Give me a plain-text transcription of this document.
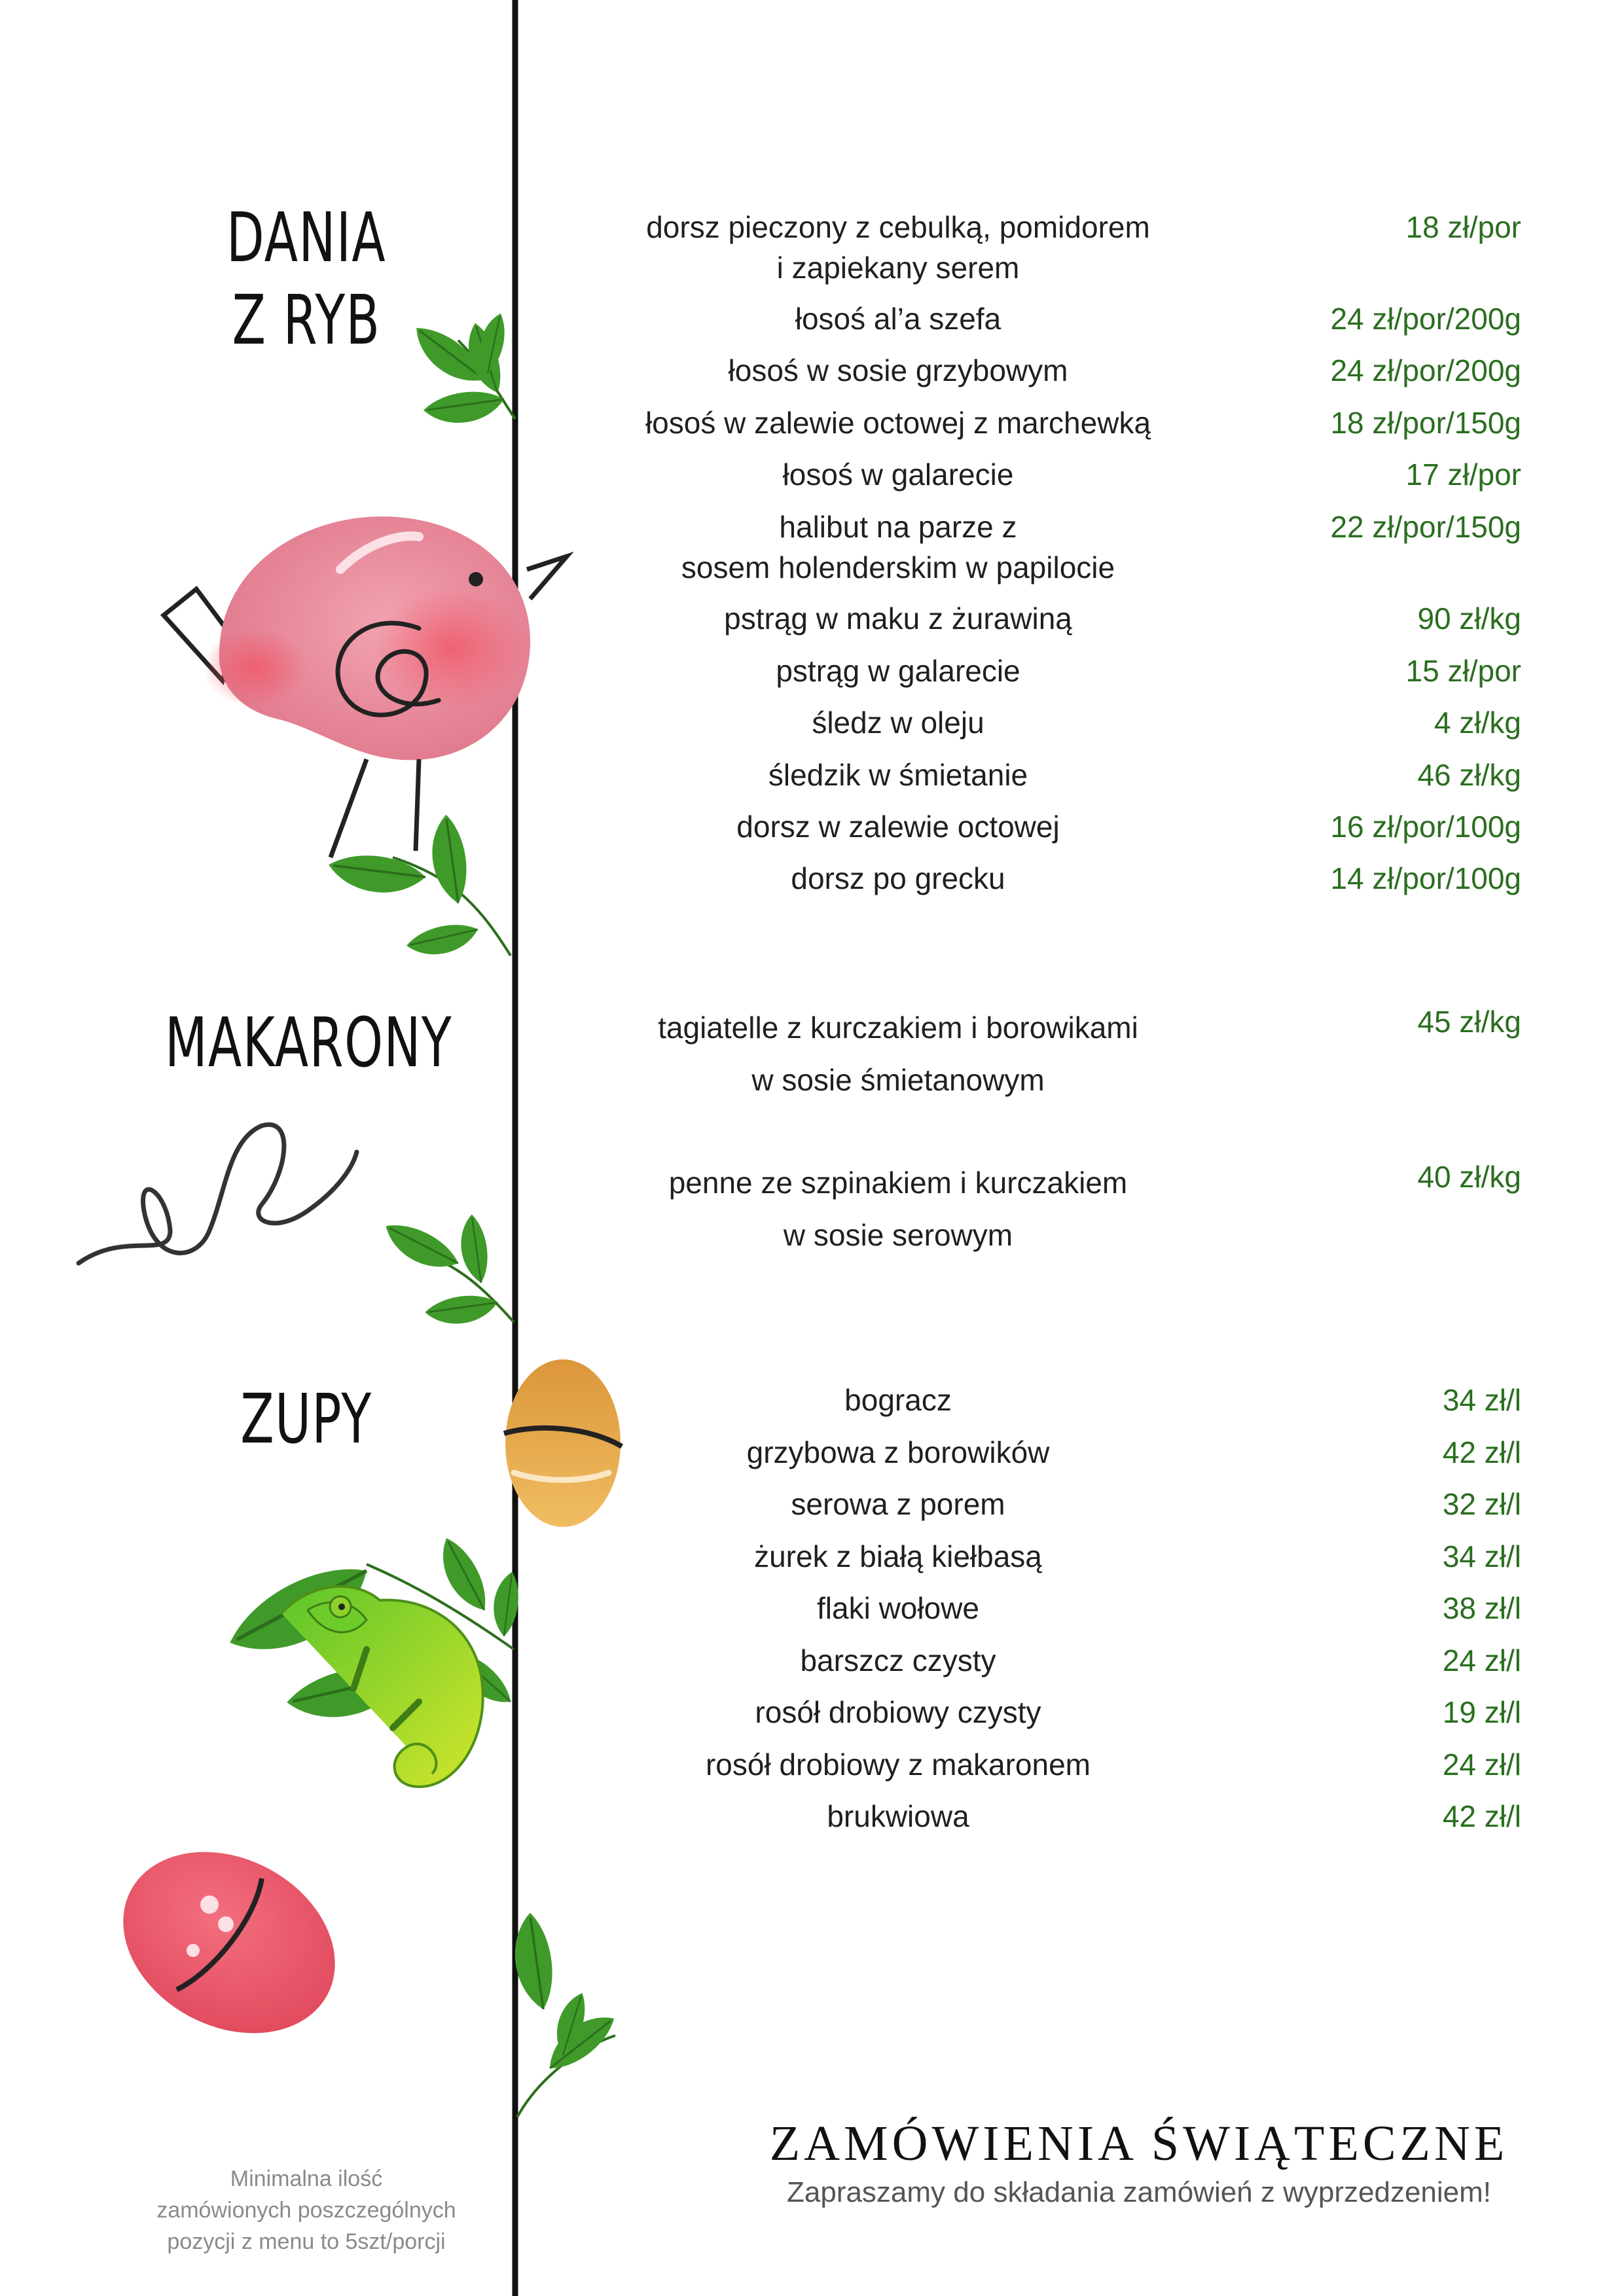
DANIA
Z RYB
MAKARONY
ZUPY
dorsz pieczony z cebulką, pomidorem
i zapiekany serem
18 zł/por
łosoś al’a szefa	24 zł/por/200g
łosoś w sosie grzybowym	24 zł/por/200g
łosoś w zalewie octowej z marchewką	18 zł/por/150g
łosoś w galarecie	17 zł/por
halibut na parze z
sosem holenderskim w papilocie
22 zł/por/150g
pstrąg w maku z żurawiną	90 zł/kg
pstrąg w galarecie	15 zł/por
śledz w oleju	4 zł/kg
śledzik w śmietanie	46 zł/kg
dorsz w zalewie octowej	16 zł/por/100g
dorsz po grecku	14 zł/por/100g
tagiatelle z kurczakiem i borowikami
w sosie śmietanowym
45 zł/kg
penne ze szpinakiem i kurczakiem
w sosie serowym
40 zł/kg
bogracz	34 zł/l
grzybowa z borowików	42 zł/l
serowa z porem	32 zł/l
żurek z białą kiełbasą	34 zł/l
flaki wołowe	38 zł/l
barszcz czysty	24 zł/l
rosół drobiowy czysty	19 zł/l
rosół drobiowy z makaronem	24 zł/l
brukwiowa	42 zł/l
Minimalna ilość
zamówionych poszczególnych
pozycji z menu to 5szt/porcji
ZAMÓWIENIA ŚWIĄTECZNE
Zapraszamy do składania zamówień z wyprzedzeniem!
